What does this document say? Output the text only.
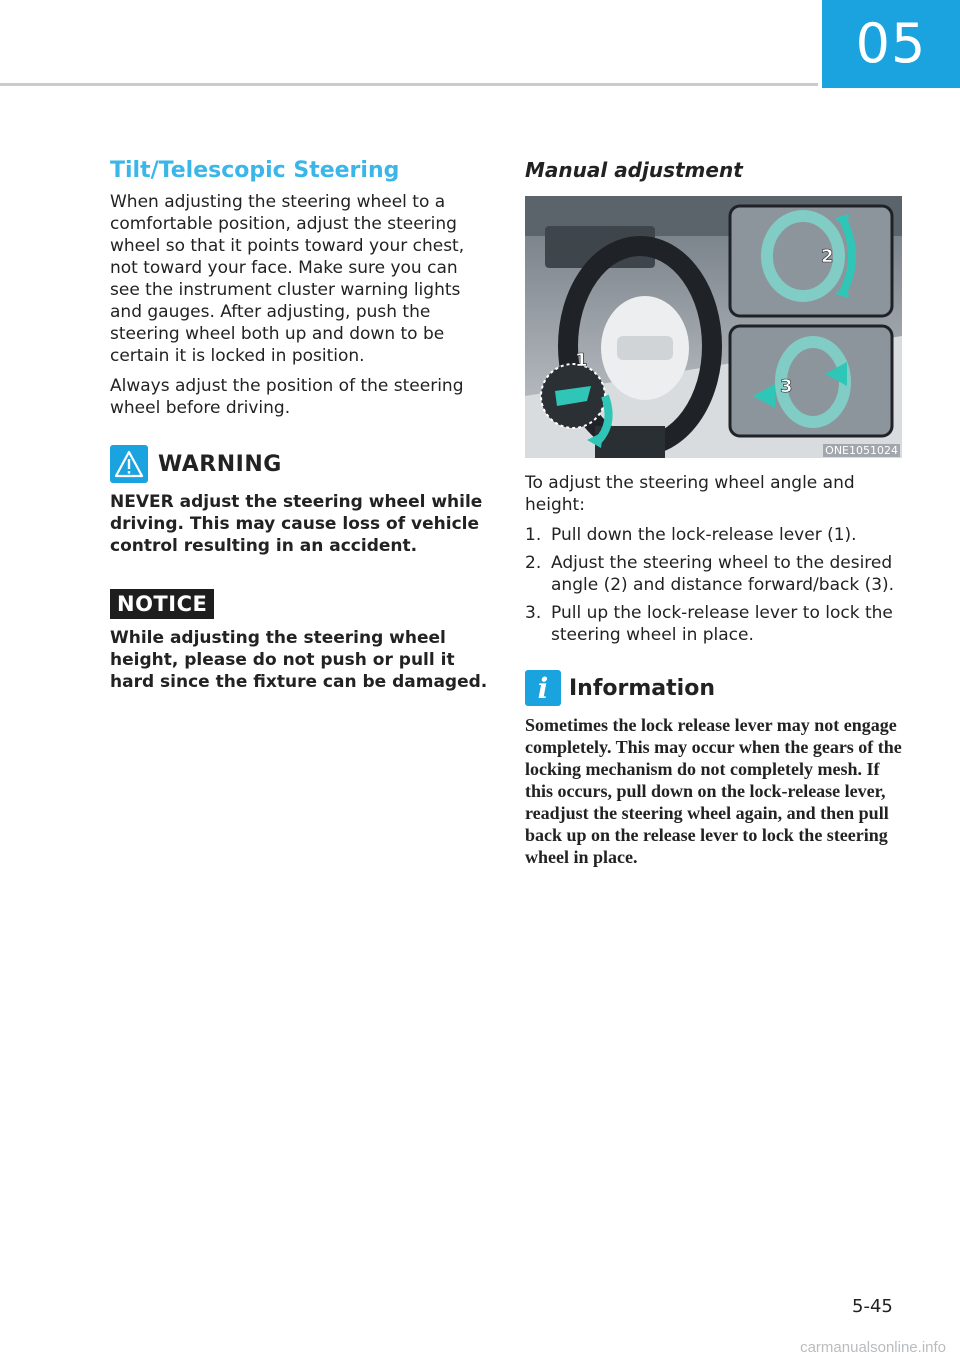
05
Tilt/Telescopic Steering

When adjusting the steering wheel to a comfortable position, adjust the steering wheel so that it points toward your chest, not toward your face. Make sure you can see the instrument cluster warning lights and gauges. After adjusting, push the steering wheel both up and down to be certain it is locked in position.

Always adjust the position of the steering wheel before driving.

WARNING

NEVER adjust the steering wheel while driving. This may cause loss of vehicle control resulting in an accident.

NOTICE

While adjusting the steering wheel height, please do not push or pull it hard since the fixture can be damaged.

Manual adjustment
1
2
3
ONE1051024

To adjust the steering wheel angle and height:

1. Pull down the lock-release lever (1).
2. Adjust the steering wheel to the desired angle (2) and distance forward/back (3).
3. Pull up the lock-release lever to lock the steering wheel in place.
i Information

Sometimes the lock release lever may not engage completely. This may occur when the gears of the locking mechanism do not completely mesh. If this occurs, pull down on the lock-release lever, readjust the steering wheel again, and then pull back up on the release lever to lock the steering wheel in place.

5-45
carmanualsonline.info
